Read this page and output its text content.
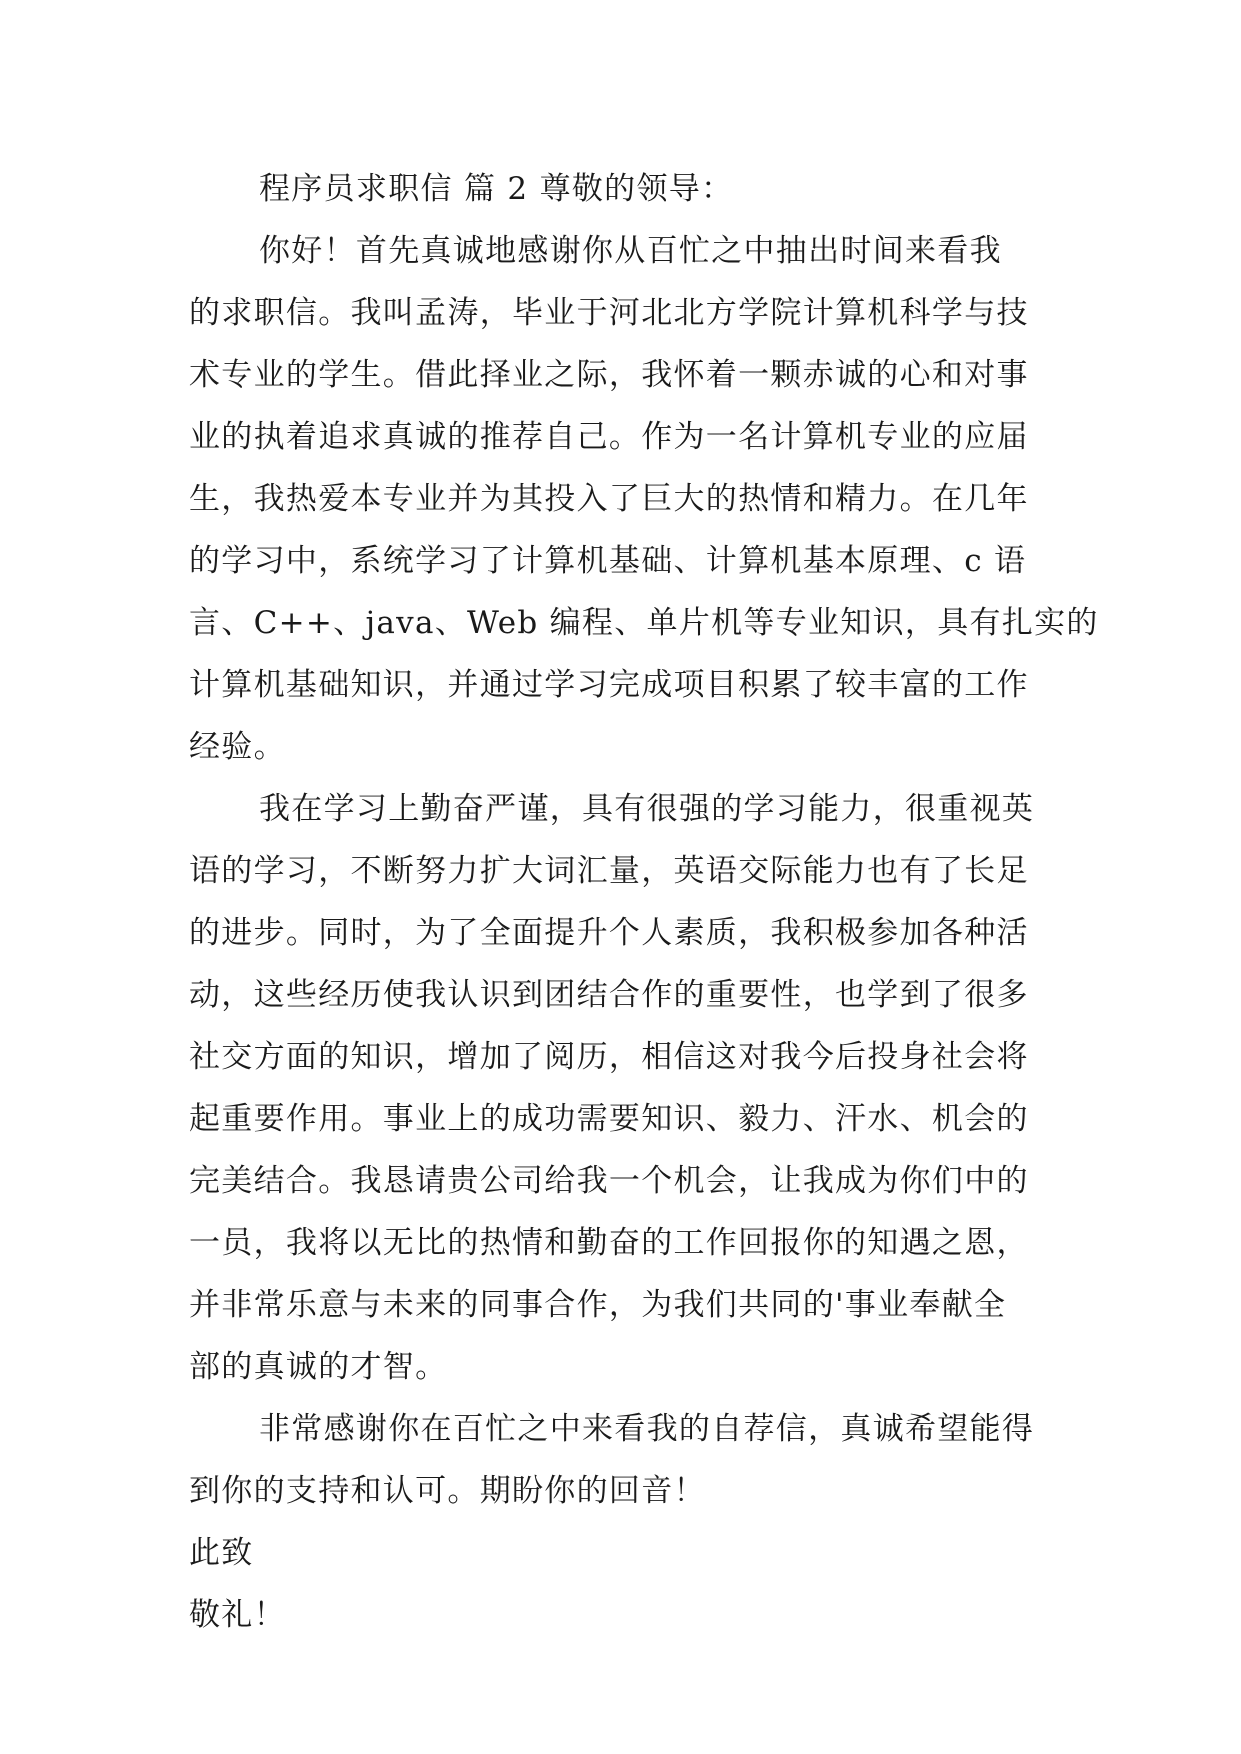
程序员求职信 篇 2 尊敬的领导：
你好！首先真诚地感谢你从百忙之中抽出时间来看我
的求职信。我叫孟涛，毕业于河北北方学院计算机科学与技
术专业的学生。借此择业之际，我怀着一颗赤诚的心和对事
业的执着追求真诚的推荐自己。作为一名计算机专业的应届
生，我热爱本专业并为其投入了巨大的热情和精力。在几年
的学习中，系统学习了计算机基础、计算机基本原理、c 语
言、C++、java、Web 编程、单片机等专业知识，具有扎实的
计算机基础知识，并通过学习完成项目积累了较丰富的工作
经验。
我在学习上勤奋严谨，具有很强的学习能力，很重视英
语的学习，不断努力扩大词汇量，英语交际能力也有了长足
的进步。同时，为了全面提升个人素质，我积极参加各种活
动，这些经历使我认识到团结合作的重要性，也学到了很多
社交方面的知识，增加了阅历，相信这对我今后投身社会将
起重要作用。事业上的成功需要知识、毅力、汗水、机会的
完美结合。我恳请贵公司给我一个机会，让我成为你们中的
一员，我将以无比的热情和勤奋的工作回报你的知遇之恩，
并非常乐意与未来的同事合作，为我们共同的'事业奉献全
部的真诚的才智。
非常感谢你在百忙之中来看我的自荐信，真诚希望能得
到你的支持和认可。期盼你的回音！
此致
敬礼！
